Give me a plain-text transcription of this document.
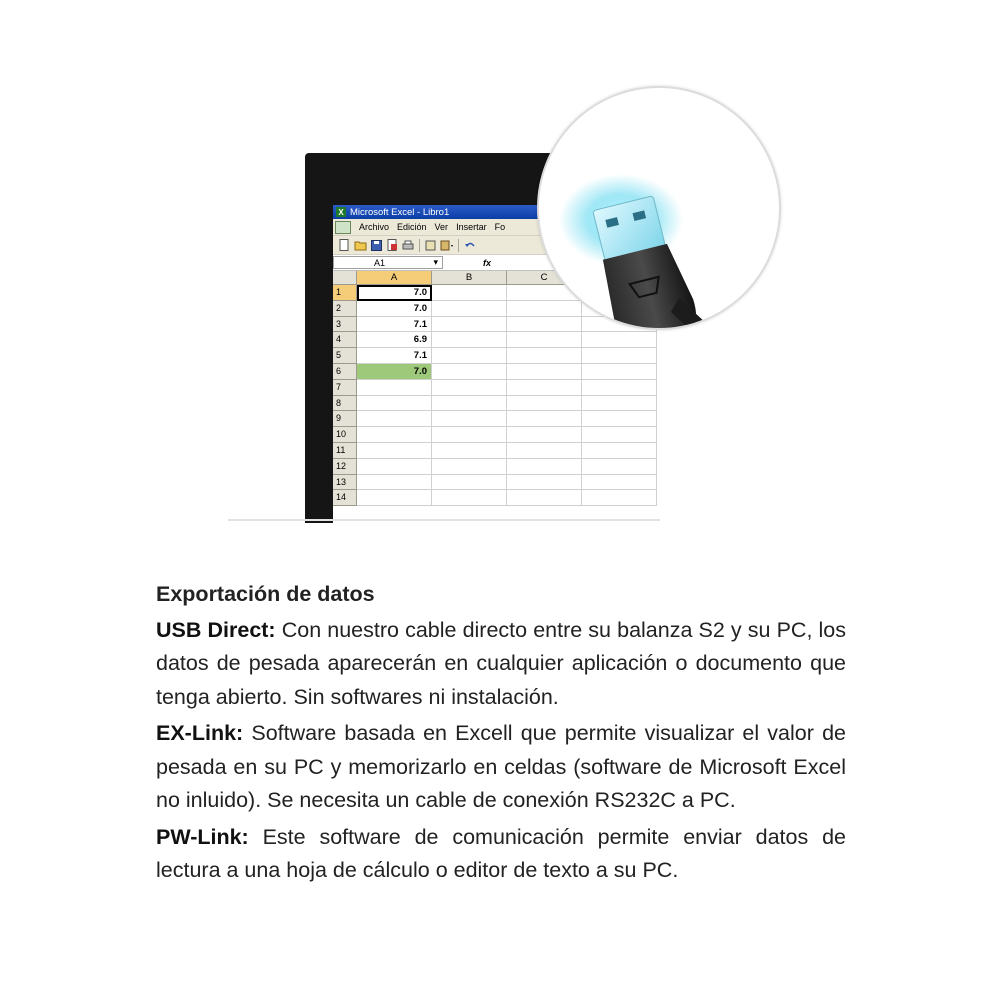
X Microsoft Excel - Libro1
Archivo Edición Ver Insertar Fo
A1	▾	fx
A	B	C
1	7.0
2	7.0
3	7.1
4	6.9
5	7.1
6	7.0
7
8
9
10
11
12
13
14
Exportación de datos
USB Direct: Con nuestro cable directo entre su balanza S2 y su PC, los datos de pesada aparecerán en cualquier aplicación o documento que tenga abierto. Sin softwares ni instalación.
EX-Link: Software basada en Excell que permite visualizar el valor de pesada en su PC y memorizarlo en celdas (software de Microsoft Excel no inluido). Se necesita un cable de conexión RS232C a PC.
PW-Link: Este software de comunicación permite enviar datos de lectura a una hoja de cálculo o editor de texto a su PC.
